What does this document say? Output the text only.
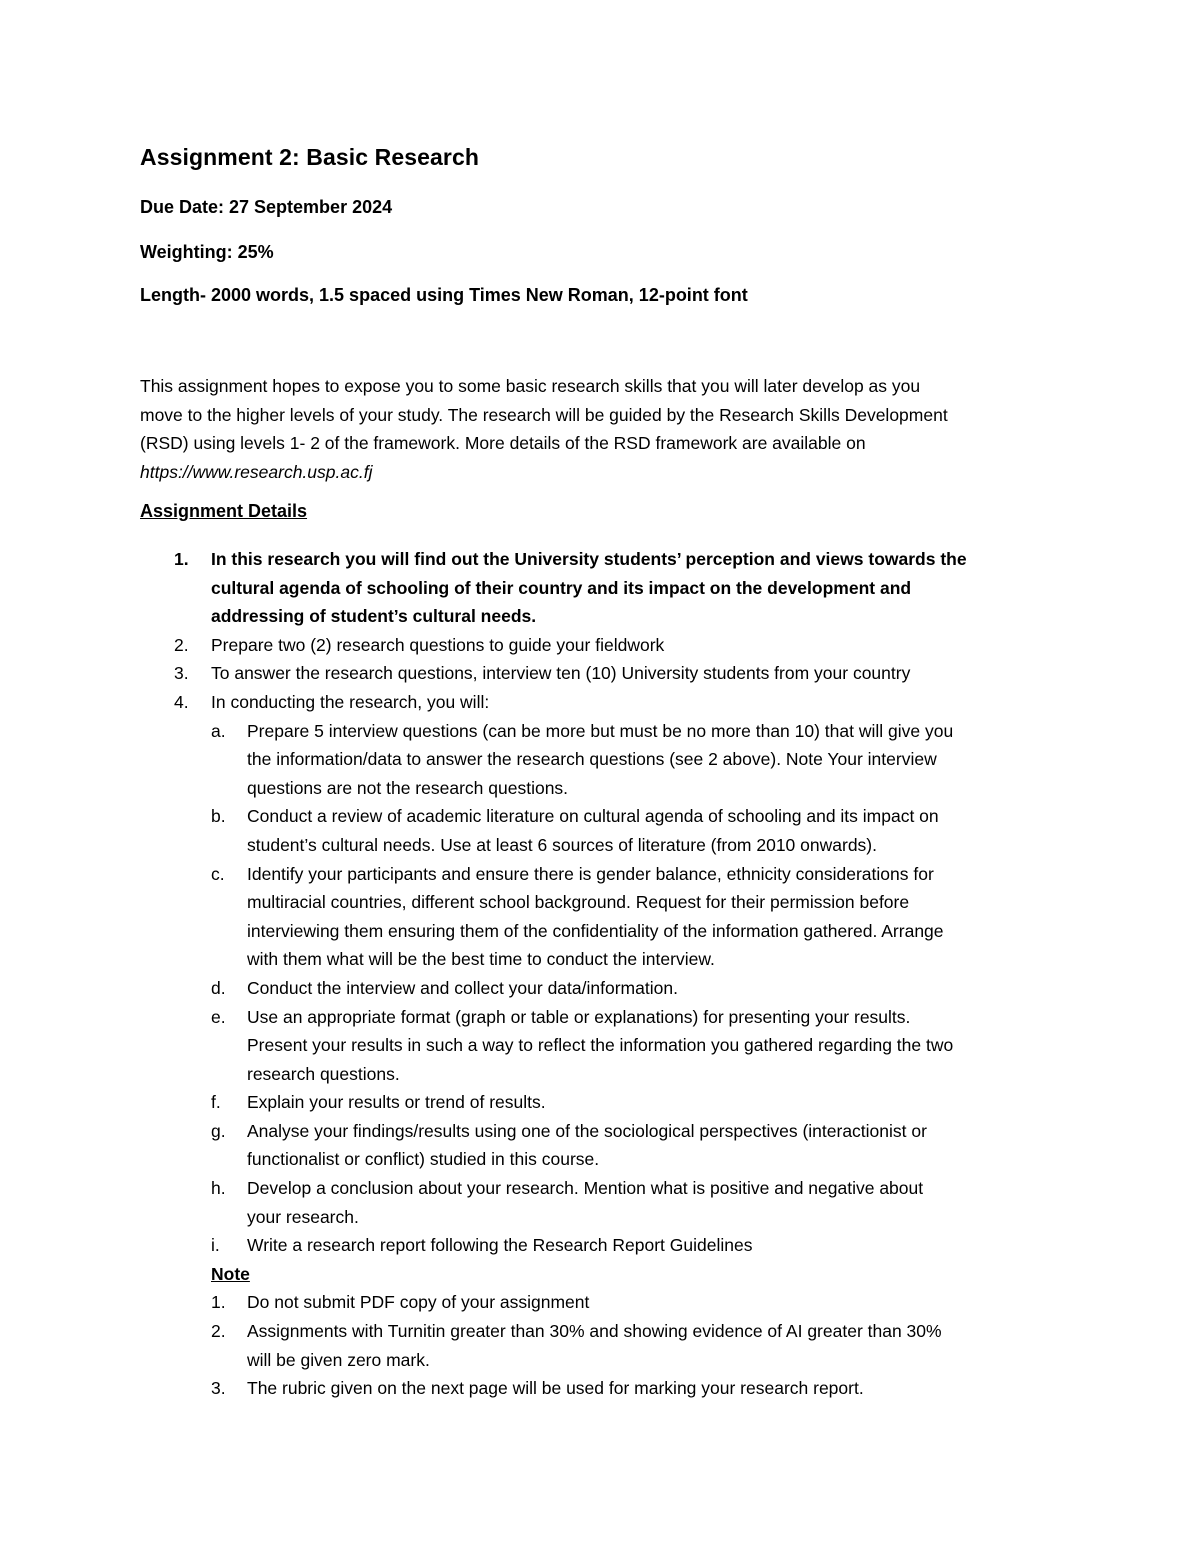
Assignment 2: Basic Research
Due Date: 27 September 2024
Weighting: 25%
Length- 2000 words, 1.5 spaced using Times New Roman, 12-point font
This assignment hopes to expose you to some basic research skills that you will later develop as you
move to the higher levels of your study. The research will be guided by the Research Skills Development
(RSD) using levels 1- 2 of the framework. More details of the RSD framework are available on
https://www.research.usp.ac.fj
Assignment Details
1. In this research you will find out the University students’ perception and views towards the
cultural agenda of schooling of their country and its impact on the development and
addressing of student’s cultural needs.
2. Prepare two (2) research questions to guide your fieldwork
3. To answer the research questions, interview ten (10) University students from your country
4. In conducting the research, you will:
a. Prepare 5 interview questions (can be more but must be no more than 10) that will give you
the information/data to answer the research questions (see 2 above). Note Your interview
questions are not the research questions.
b. Conduct a review of academic literature on cultural agenda of schooling and its impact on
student’s cultural needs. Use at least 6 sources of literature (from 2010 onwards).
c. Identify your participants and ensure there is gender balance, ethnicity considerations for
multiracial countries, different school background. Request for their permission before
interviewing them ensuring them of the confidentiality of the information gathered. Arrange
with them what will be the best time to conduct the interview.
d. Conduct the interview and collect your data/information.
e. Use an appropriate format (graph or table or explanations) for presenting your results.
Present your results in such a way to reflect the information you gathered regarding the two
research questions.
f. Explain your results or trend of results.
g. Analyse your findings/results using one of the sociological perspectives (interactionist or
functionalist or conflict) studied in this course.
h. Develop a conclusion about your research. Mention what is positive and negative about
your research.
i. Write a research report following the Research Report Guidelines
Note
1. Do not submit PDF copy of your assignment
2. Assignments with Turnitin greater than 30% and showing evidence of AI greater than 30%
will be given zero mark.
3. The rubric given on the next page will be used for marking your research report.
